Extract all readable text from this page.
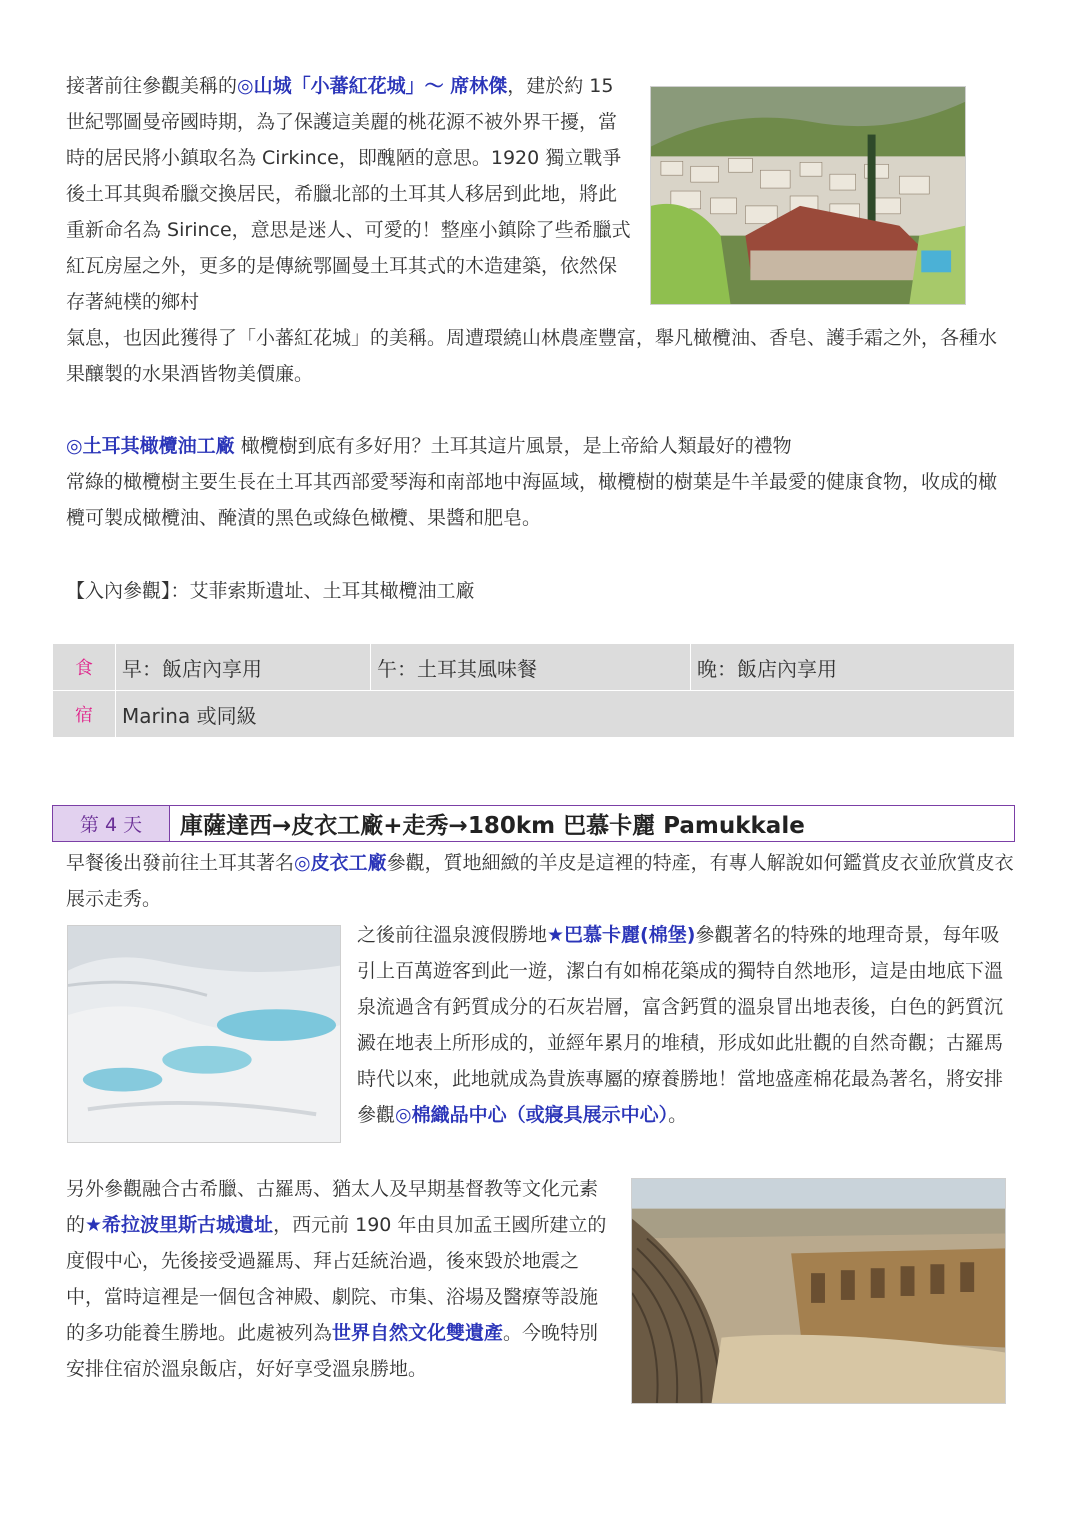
接著前往參觀美稱的◎山城「小蕃紅花城」～ 席林傑，建於約 15 世紀鄂圖曼帝國時期，為了保護這美麗的桃花源不被外界干擾，當時的居民將小鎮取名為 Cirkince，即醜陋的意思。1920 獨立戰爭後土耳其與希臘交換居民，希臘北部的土耳其人移居到此地，將此重新命名為 Sirince，意思是迷人、可愛的！整座小鎮除了些希臘式紅瓦房屋之外，更多的是傳統鄂圖曼土耳其式的木造建築，依然保存著純樸的鄉村
氣息，也因此獲得了「小蕃紅花城」的美稱。周遭環繞山林農產豐富，舉凡橄欖油、香皂、護手霜之外，各種水果釀製的水果酒皆物美價廉。
◎土耳其橄欖油工廠 橄欖樹到底有多好用？土耳其這片風景，是上帝給人類最好的禮物
常綠的橄欖樹主要生長在土耳其西部愛琴海和南部地中海區域，橄欖樹的樹葉是牛羊最愛的健康食物，收成的橄欖可製成橄欖油、醃漬的黑色或綠色橄欖、果醬和肥皂。
【入內參觀】：艾菲索斯遺址、土耳其橄欖油工廠
食	早：飯店內享用	午：土耳其風味餐	晚：飯店內享用
宿	Marina 或同級		
第 4 天	庫薩達西→皮衣工廠+走秀→180km 巴慕卡麗 Pamukkale
早餐後出發前往土耳其著名◎皮衣工廠參觀，質地細緻的羊皮是這裡的特產，有專人解說如何鑑賞皮衣並欣賞皮衣展示走秀。
之後前往溫泉渡假勝地★巴慕卡麗(棉堡)參觀著名的特殊的地理奇景，每年吸引上百萬遊客到此一遊，潔白有如棉花築成的獨特自然地形，這是由地底下溫泉流過含有鈣質成分的石灰岩層，富含鈣質的溫泉冒出地表後，白色的鈣質沉澱在地表上所形成的，並經年累月的堆積，形成如此壯觀的自然奇觀；古羅馬時代以來，此地就成為貴族專屬的療養勝地！當地盛產棉花最為著名，將安排參觀◎棉織品中心（或寢具展示中心）。
另外參觀融合古希臘、古羅馬、猶太人及早期基督教等文化元素的★希拉波里斯古城遺址，西元前 190 年由貝加孟王國所建立的度假中心，先後接受過羅馬、拜占廷統治過，後來毀於地震之中，當時這裡是一個包含神殿、劇院、市集、浴場及醫療等設施的多功能養生勝地。此處被列為世界自然文化雙遺產。今晚特別安排住宿於溫泉飯店，好好享受溫泉勝地。
